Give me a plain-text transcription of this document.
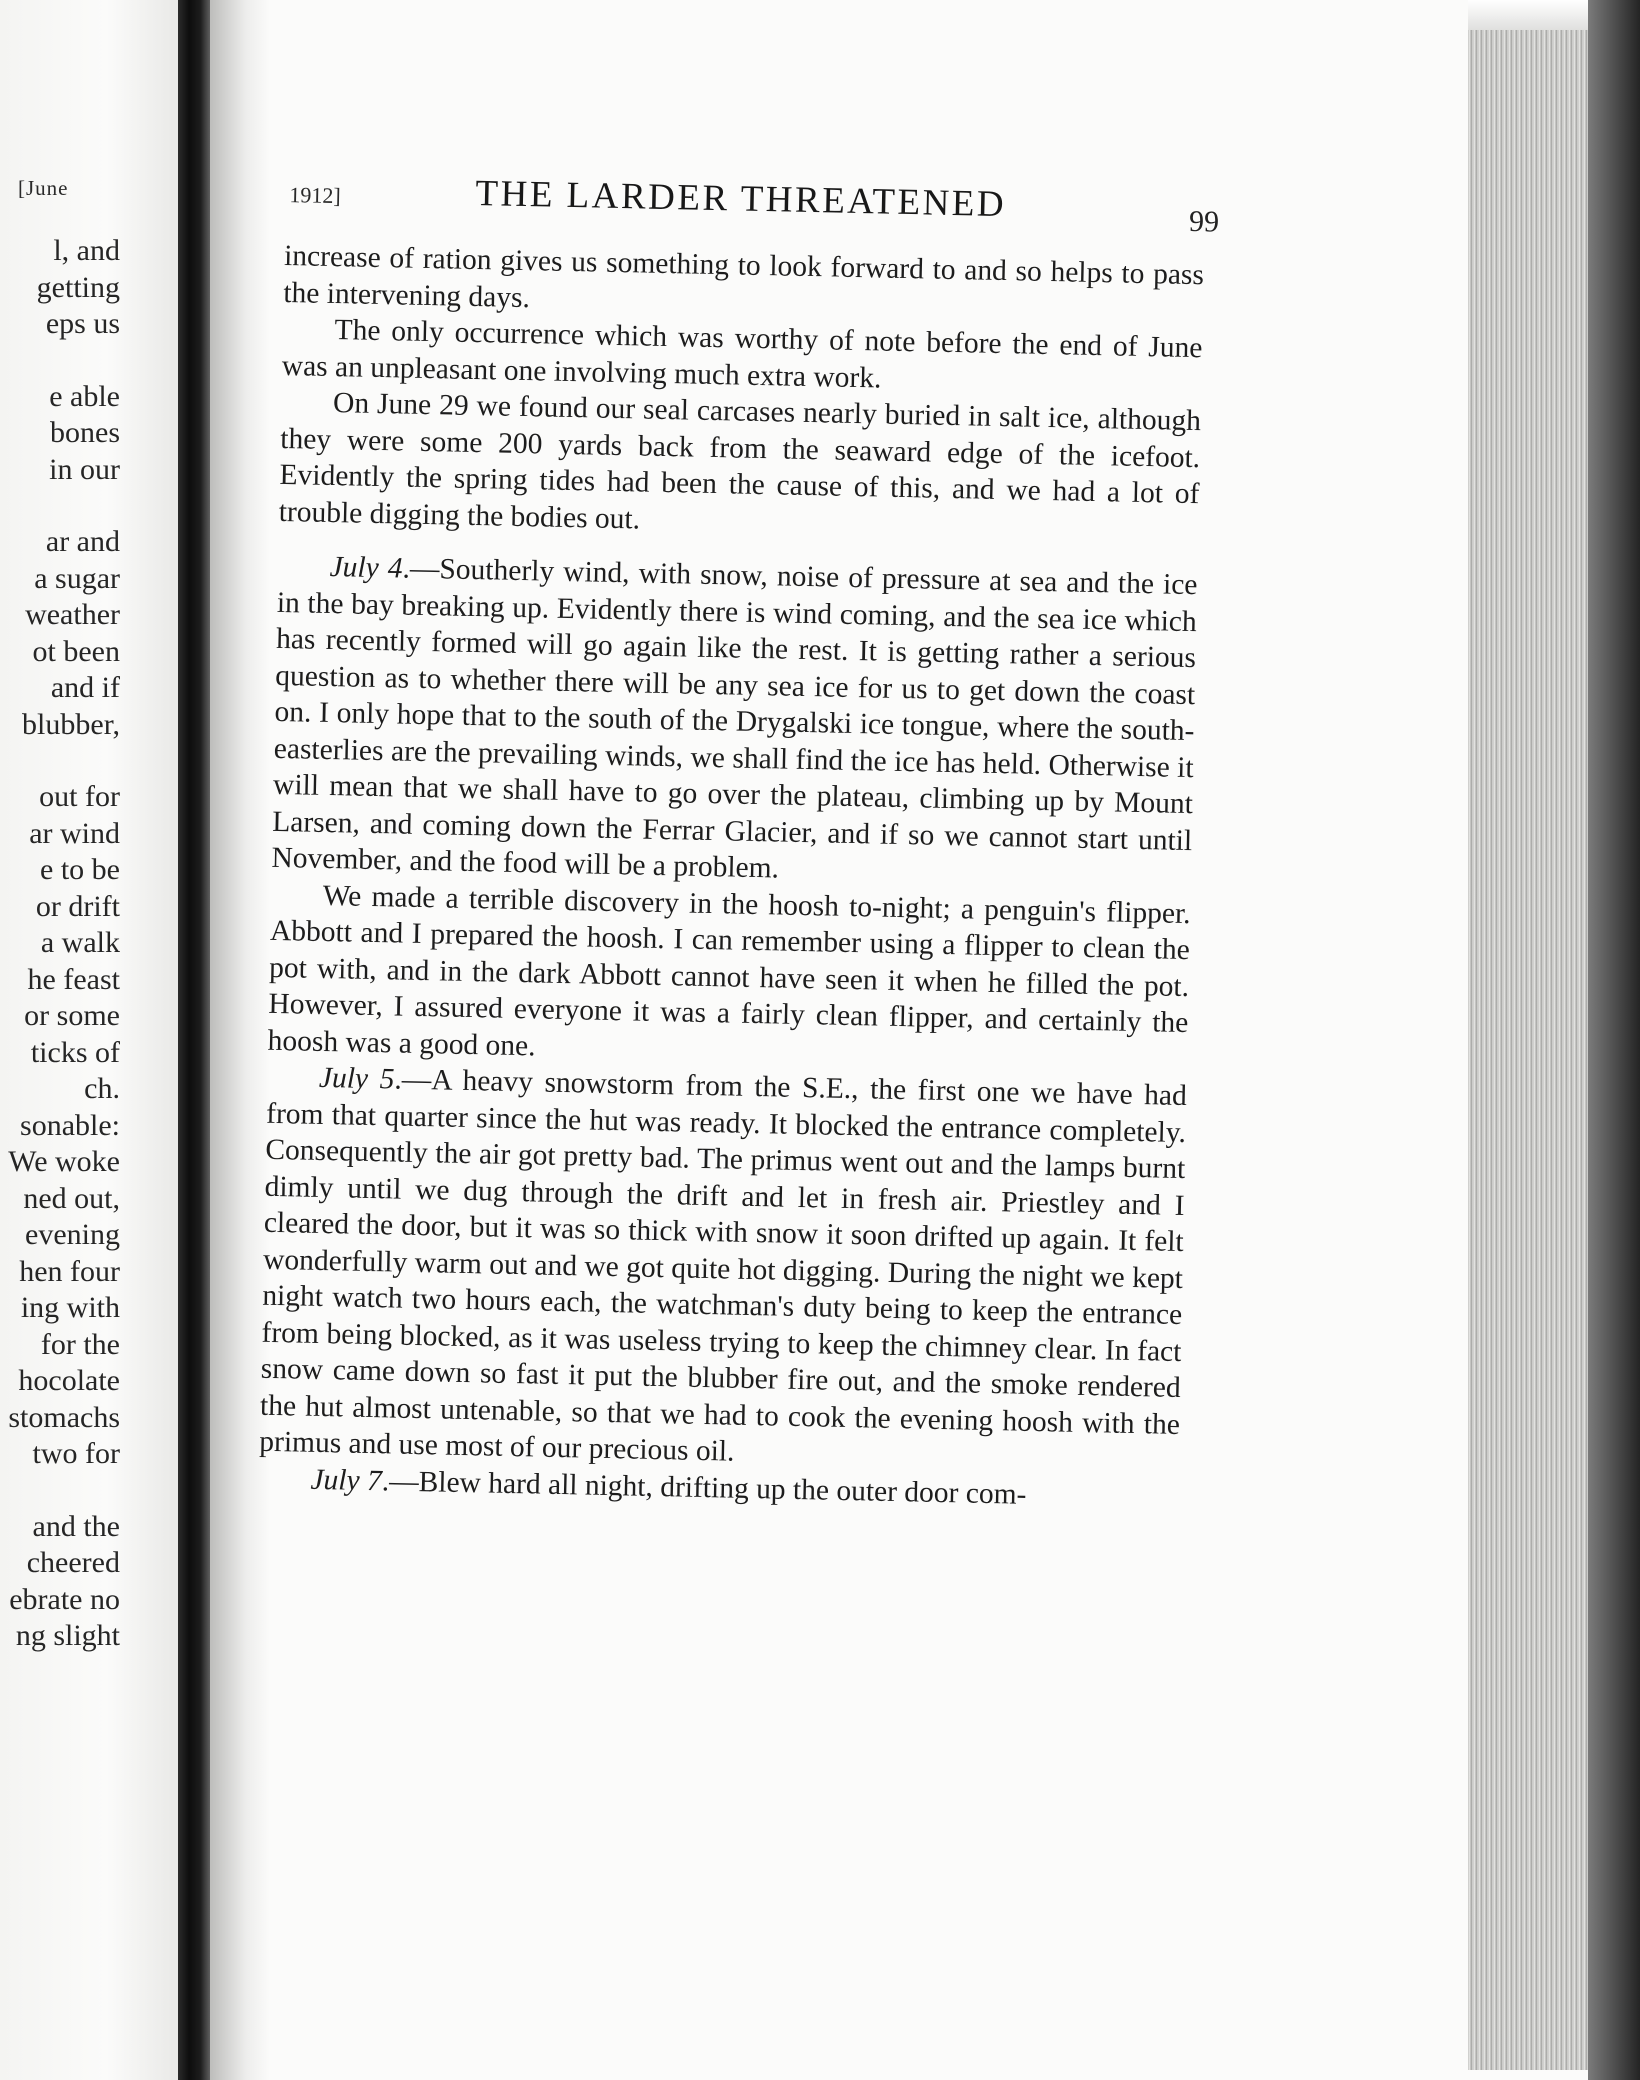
[June
l, and
getting
eps us
e able
bones
in our
ar and
a sugar
weather
ot been
and if
blubber,
out for
ar wind
e to be
or drift
a walk
he feast
or some
ticks of
ch.
sonable:
We woke
ned out,
evening
hen four
ing with
for the
hocolate
stomachs
two for
and the
cheered
ebrate no
ng slight
1912]	THE LARDER THREATENED	99

increase of ration gives us something to look forward to and so helps to pass the intervening days.

The only occurrence which was worthy of note before the end of June was an unpleasant one involving much extra work.

On June 29 we found our seal carcases nearly buried in salt ice, although they were some 200 yards back from the seaward edge of the icefoot. Evidently the spring tides had been the cause of this, and we had a lot of trouble digging the bodies out.

July 4.—Southerly wind, with snow, noise of pressure at sea and the ice in the bay breaking up. Evidently there is wind coming, and the sea ice which has recently formed will go again like the rest. It is getting rather a serious question as to whether there will be any sea ice for us to get down the coast on. I only hope that to the south of the Drygalski ice tongue, where the south-easterlies are the prevailing winds, we shall find the ice has held. Otherwise it will mean that we shall have to go over the plateau, climbing up by Mount Larsen, and coming down the Ferrar Glacier, and if so we cannot start until November, and the food will be a problem.

We made a terrible discovery in the hoosh to-night; a penguin's flipper. Abbott and I prepared the hoosh. I can remember using a flipper to clean the pot with, and in the dark Abbott cannot have seen it when he filled the pot. However, I assured everyone it was a fairly clean flipper, and certainly the hoosh was a good one.

July 5.—A heavy snowstorm from the S.E., the first one we have had from that quarter since the hut was ready. It blocked the entrance completely. Consequently the air got pretty bad. The primus went out and the lamps burnt dimly until we dug through the drift and let in fresh air. Priestley and I cleared the door, but it was so thick with snow it soon drifted up again. It felt wonderfully warm out and we got quite hot digging. During the night we kept night watch two hours each, the watchman's duty being to keep the entrance from being blocked, as it was useless trying to keep the chimney clear. In fact snow came down so fast it put the blubber fire out, and the smoke rendered the hut almost untenable, so that we had to cook the evening hoosh with the primus and use most of our precious oil.

July 7.—Blew hard all night, drifting up the outer door com-
